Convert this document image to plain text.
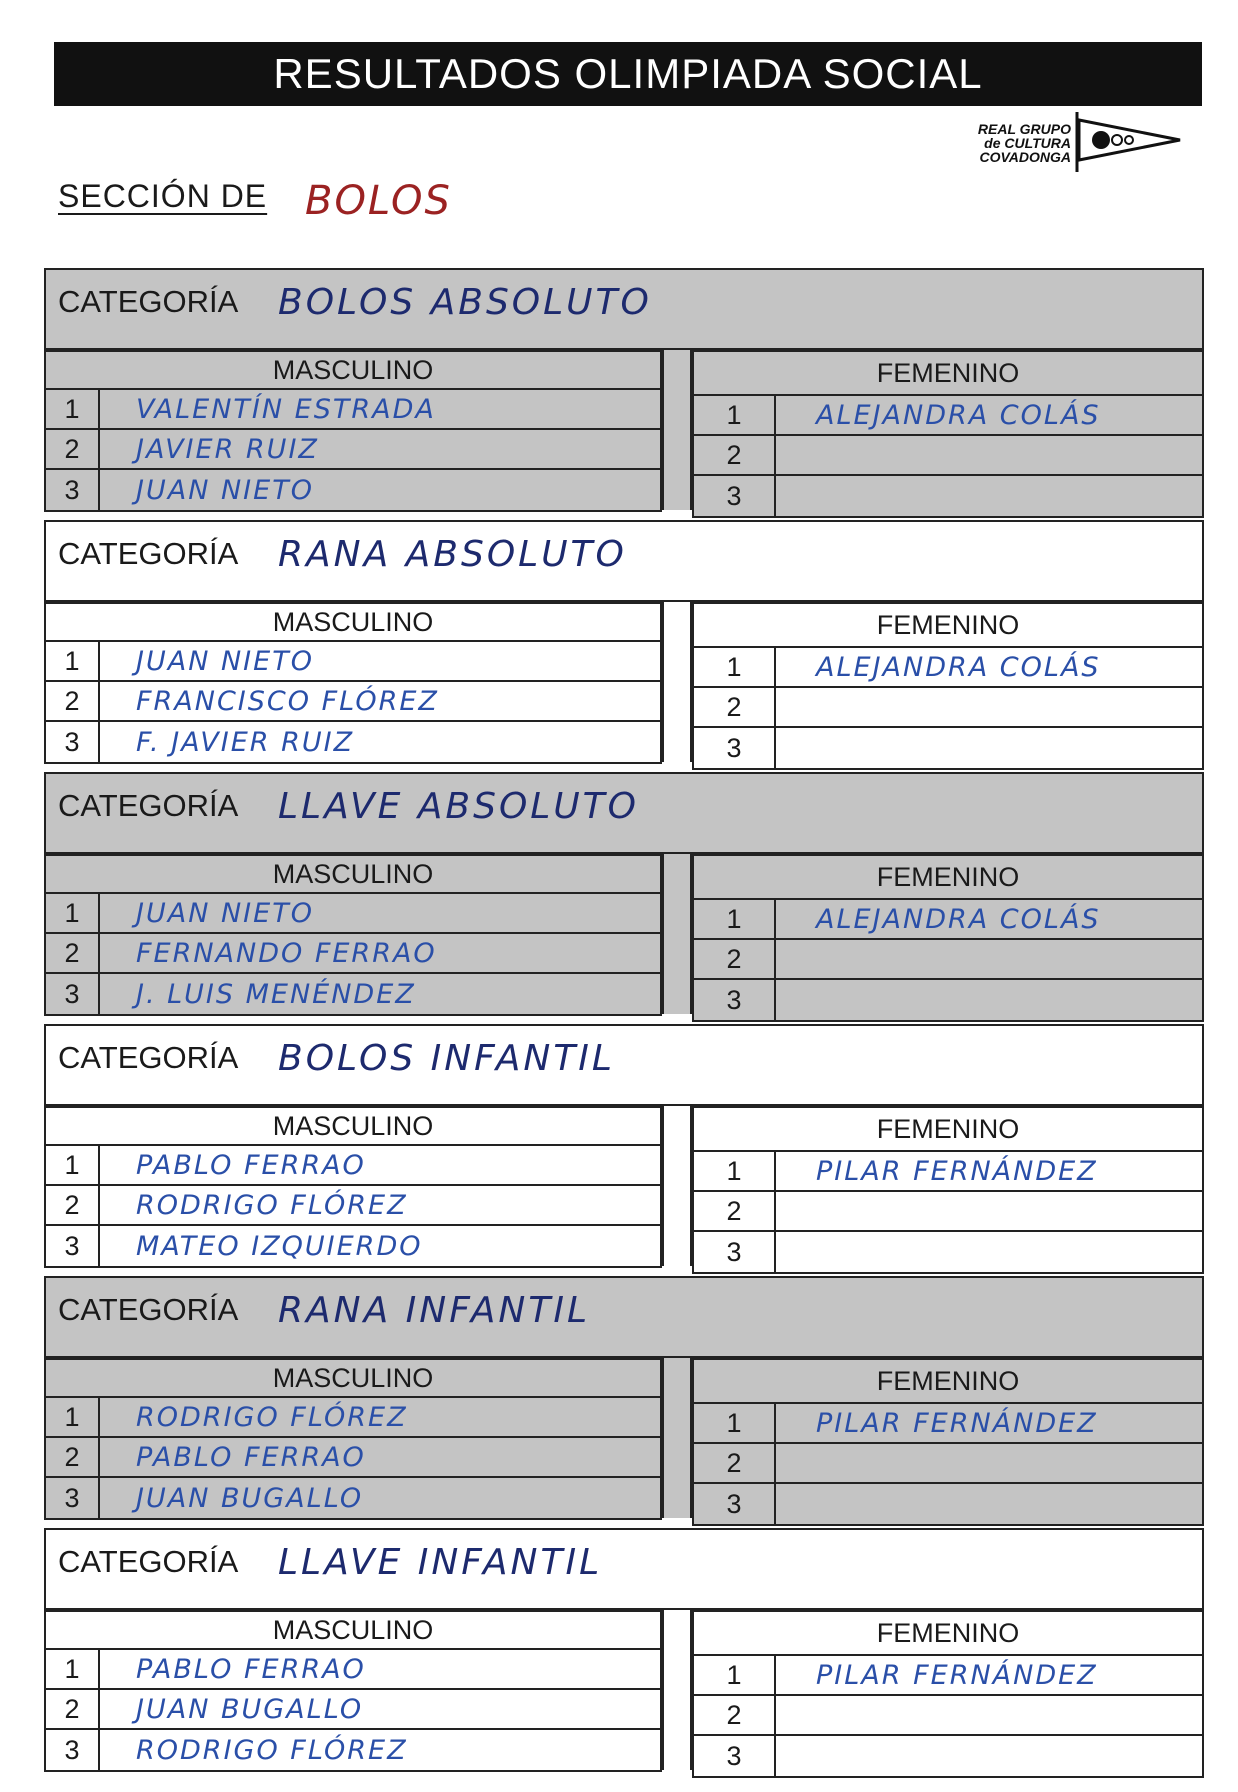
RESULTADOS OLIMPIADA SOCIAL
REAL GRUPO de CULTURA COVADONGA
SECCIÓN DE BOLOS
CATEGORÍA BOLOS ABSOLUTO
MASCULINO
1	VALENTÍN ESTRADA
2	JAVIER RUIZ
3	JUAN NIETO
FEMENINO
1	ALEJANDRA COLÁS
2
3
CATEGORÍA RANA ABSOLUTO
MASCULINO
1	JUAN NIETO
2	FRANCISCO FLÓREZ
3	F. JAVIER RUIZ
FEMENINO
1	ALEJANDRA COLÁS
2
3
CATEGORÍA LLAVE ABSOLUTO
MASCULINO
1	JUAN NIETO
2	FERNANDO FERRAO
3	J. LUIS MENÉNDEZ
FEMENINO
1	ALEJANDRA COLÁS
2
3
CATEGORÍA BOLOS INFANTIL
MASCULINO
1	PABLO FERRAO
2	RODRIGO FLÓREZ
3	MATEO IZQUIERDO
FEMENINO
1	PILAR FERNÁNDEZ
2
3
CATEGORÍA RANA INFANTIL
MASCULINO
1	RODRIGO FLÓREZ
2	PABLO FERRAO
3	JUAN BUGALLO
FEMENINO
1	PILAR FERNÁNDEZ
2
3
CATEGORÍA LLAVE INFANTIL
MASCULINO
1	PABLO FERRAO
2	JUAN BUGALLO
3	RODRIGO FLÓREZ
FEMENINO
1	PILAR FERNÁNDEZ
2
3
